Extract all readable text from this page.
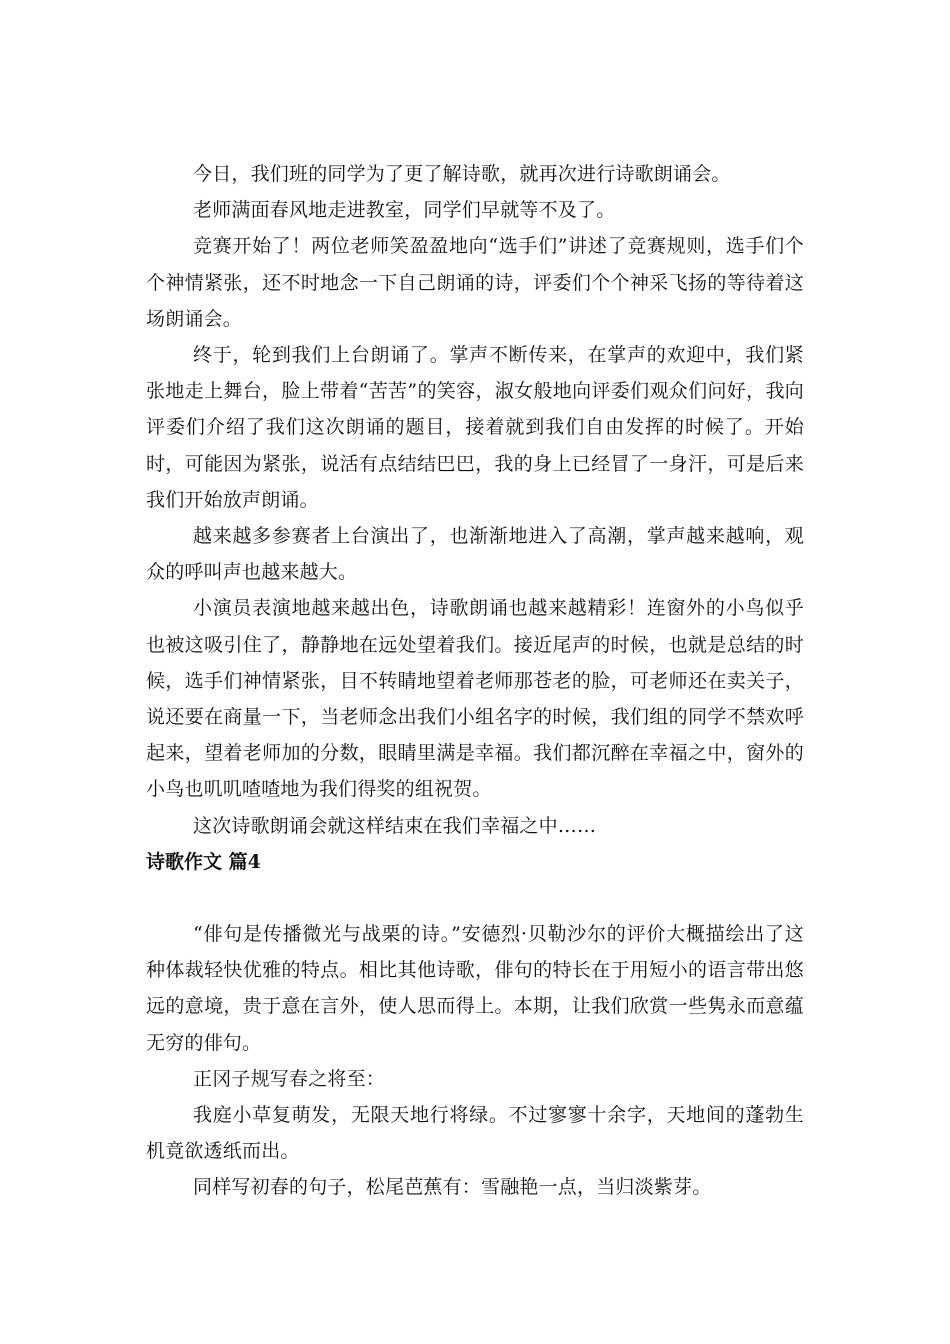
今日，我们班的同学为了更了解诗歌，就再次进行诗歌朗诵会。

老师满面春风地走进教室，同学们早就等不及了。

竞赛开始了！两位老师笑盈盈地向“选手们”讲述了竞赛规则，选手们个个神情紧张，还不时地念一下自己朗诵的诗，评委们个个神采飞扬的等待着这场朗诵会。

终于，轮到我们上台朗诵了。掌声不断传来，在掌声的欢迎中，我们紧张地走上舞台，脸上带着“苦苦”的笑容，淑女般地向评委们观众们问好，我向评委们介绍了我们这次朗诵的题目，接着就到我们自由发挥的时候了。开始时，可能因为紧张，说活有点结结巴巴，我的身上已经冒了一身汗，可是后来我们开始放声朗诵。

越来越多参赛者上台演出了，也渐渐地进入了高潮，掌声越来越响，观众的呼叫声也越来越大。

小演员表演地越来越出色，诗歌朗诵也越来越精彩！连窗外的小鸟似乎也被这吸引住了，静静地在远处望着我们。接近尾声的时候，也就是总结的时候，选手们神情紧张，目不转睛地望着老师那苍老的脸，可老师还在卖关子，说还要在商量一下，当老师念出我们小组名字的时候，我们组的同学不禁欢呼起来，望着老师加的分数，眼睛里满是幸福。我们都沉醉在幸福之中，窗外的小鸟也叽叽喳喳地为我们得奖的组祝贺。

这次诗歌朗诵会就这样结束在我们幸福之中……

诗歌作文 篇4

“俳句是传播微光与战栗的诗。”安德烈·贝勒沙尔的评价大概描绘出了这种体裁轻快优雅的特点。相比其他诗歌，俳句的特长在于用短小的语言带出悠远的意境，贵于意在言外，使人思而得上。本期，让我们欣赏一些隽永而意蕴无穷的俳句。

正冈子规写春之将至：

我庭小草复萌发，无限天地行将绿。不过寥寥十余字，天地间的蓬勃生机竟欲透纸而出。

同样写初春的句子，松尾芭蕉有：雪融艳一点，当归淡紫芽。
